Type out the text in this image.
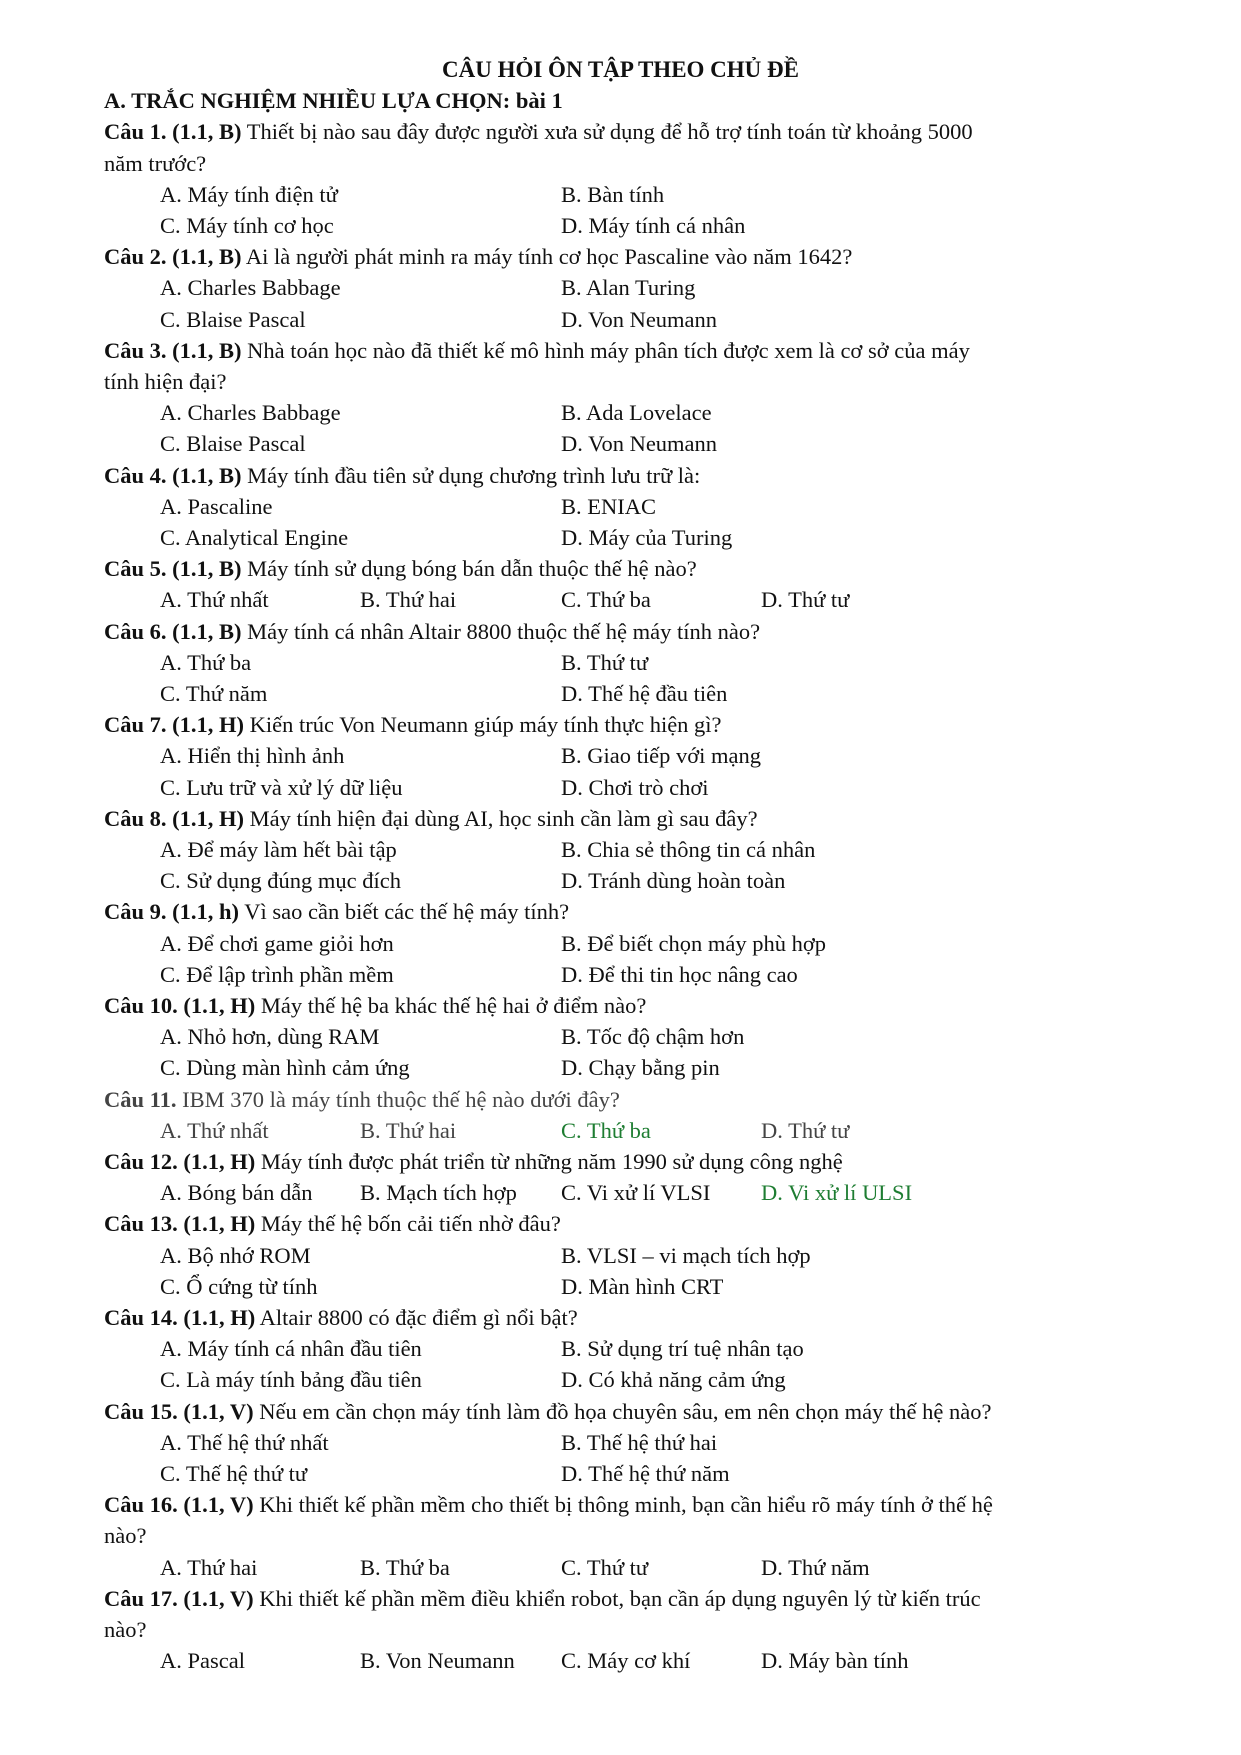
CÂU HỎI ÔN TẬP THEO CHỦ ĐỀ
A. TRẮC NGHIỆM NHIỀU LỰA CHỌN: bài 1
Câu 1. (1.1, B) Thiết bị nào sau đây được người xưa sử dụng để hỗ trợ tính toán từ khoảng 5000
năm trước?
A. Máy tính điện tử	B. Bàn tính
C. Máy tính cơ học	D. Máy tính cá nhân
Câu 2. (1.1, B) Ai là người phát minh ra máy tính cơ học Pascaline vào năm 1642?
A. Charles Babbage	B. Alan Turing
C. Blaise Pascal	D. Von Neumann
Câu 3. (1.1, B) Nhà toán học nào đã thiết kế mô hình máy phân tích được xem là cơ sở của máy
tính hiện đại?
A. Charles Babbage	B. Ada Lovelace
C. Blaise Pascal	D. Von Neumann
Câu 4. (1.1, B) Máy tính đầu tiên sử dụng chương trình lưu trữ là:
A. Pascaline	B. ENIAC
C. Analytical Engine	D. Máy của Turing
Câu 5. (1.1, B) Máy tính sử dụng bóng bán dẫn thuộc thế hệ nào?
A. Thứ nhất	B. Thứ hai	C. Thứ ba	D. Thứ tư
Câu 6. (1.1, B) Máy tính cá nhân Altair 8800 thuộc thế hệ máy tính nào?
A. Thứ ba	B. Thứ tư
C. Thứ năm	D. Thế hệ đầu tiên
Câu 7. (1.1, H) Kiến trúc Von Neumann giúp máy tính thực hiện gì?
A. Hiển thị hình ảnh	B. Giao tiếp với mạng
C. Lưu trữ và xử lý dữ liệu	D. Chơi trò chơi
Câu 8. (1.1, H) Máy tính hiện đại dùng AI, học sinh cần làm gì sau đây?
A. Để máy làm hết bài tập	B. Chia sẻ thông tin cá nhân
C. Sử dụng đúng mục đích	D. Tránh dùng hoàn toàn
Câu 9. (1.1, h) Vì sao cần biết các thế hệ máy tính?
A. Để chơi game giỏi hơn	B. Để biết chọn máy phù hợp
C. Để lập trình phần mềm	D. Để thi tin học nâng cao
Câu 10. (1.1, H) Máy thế hệ ba khác thế hệ hai ở điểm nào?
A. Nhỏ hơn, dùng RAM	B. Tốc độ chậm hơn
C. Dùng màn hình cảm ứng	D. Chạy bằng pin
Câu 11. IBM 370 là máy tính thuộc thế hệ nào dưới đây?
A. Thứ nhất	B. Thứ hai	C. Thứ ba	D. Thứ tư
Câu 12. (1.1, H) Máy tính được phát triển từ những năm 1990 sử dụng công nghệ
A. Bóng bán dẫn B. Mạch tích hợp C. Vi xử lí VLSI D. Vi xử lí ULSI
Câu 13. (1.1, H) Máy thế hệ bốn cải tiến nhờ đâu?
A. Bộ nhớ ROM	B. VLSI – vi mạch tích hợp
C. Ổ cứng từ tính	D. Màn hình CRT
Câu 14. (1.1, H) Altair 8800 có đặc điểm gì nổi bật?
A. Máy tính cá nhân đầu tiên	B. Sử dụng trí tuệ nhân tạo
C. Là máy tính bảng đầu tiên	D. Có khả năng cảm ứng
Câu 15. (1.1, V) Nếu em cần chọn máy tính làm đồ họa chuyên sâu, em nên chọn máy thế hệ nào?
A. Thế hệ thứ nhất	B. Thế hệ thứ hai
C. Thế hệ thứ tư	D. Thế hệ thứ năm
Câu 16. (1.1, V) Khi thiết kế phần mềm cho thiết bị thông minh, bạn cần hiểu rõ máy tính ở thế hệ
nào?
A. Thứ hai	B. Thứ ba	C. Thứ tư	D. Thứ năm
Câu 17. (1.1, V) Khi thiết kế phần mềm điều khiển robot, bạn cần áp dụng nguyên lý từ kiến trúc
nào?
A. Pascal	B. Von Neumann C. Máy cơ khí	D. Máy bàn tính
